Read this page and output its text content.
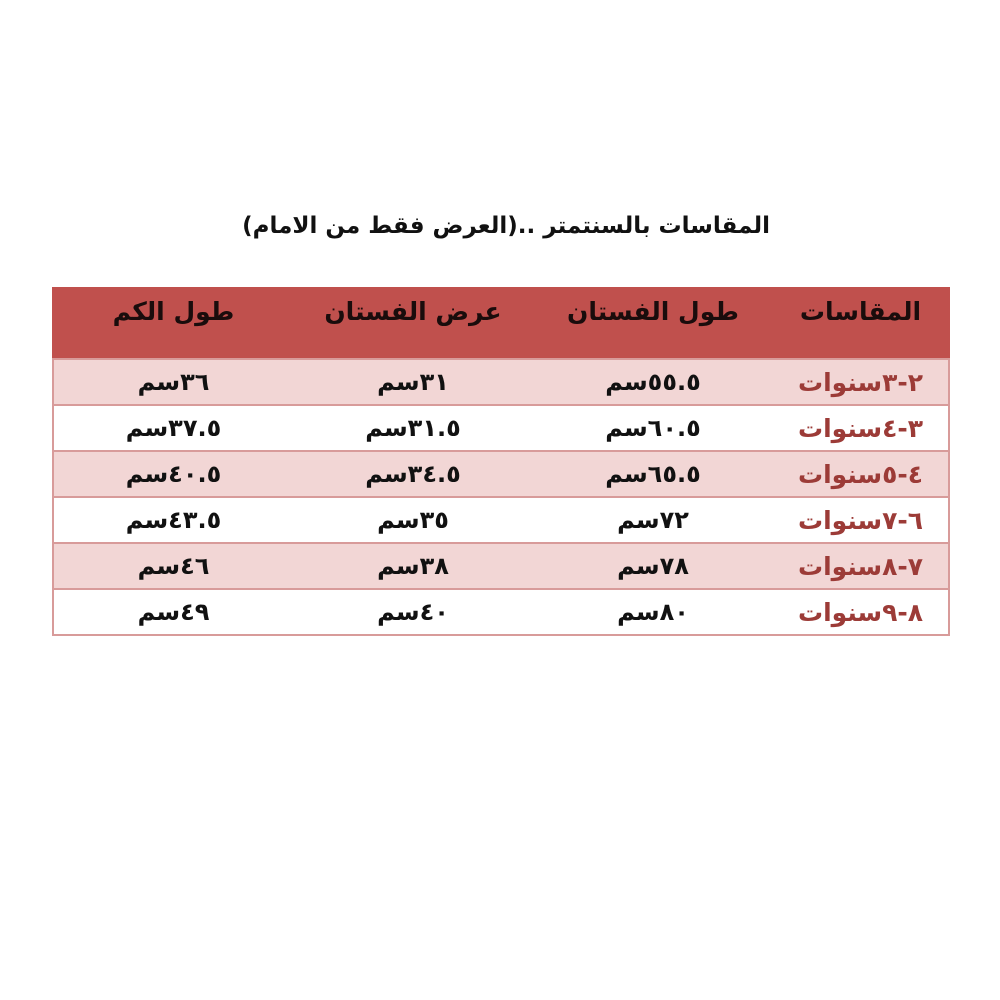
المقاسات بالسنتمتر ..(العرض فقط من الامام)
المقاسات	طول الفستان	عرض الفستان	طول الكم
٢-٣سنوات	٥٥.٥سم	٣١سم	٣٦سم
٣-٤سنوات	٦٠.٥سم	٣١.٥سم	٣٧.٥سم
٤-٥سنوات	٦٥.٥سم	٣٤.٥سم	٤٠.٥سم
٦-٧سنوات	٧٢سم	٣٥سم	٤٣.٥سم
٧-٨سنوات	٧٨سم	٣٨سم	٤٦سم
٨-٩سنوات	٨٠سم	٤٠سم	٤٩سم
